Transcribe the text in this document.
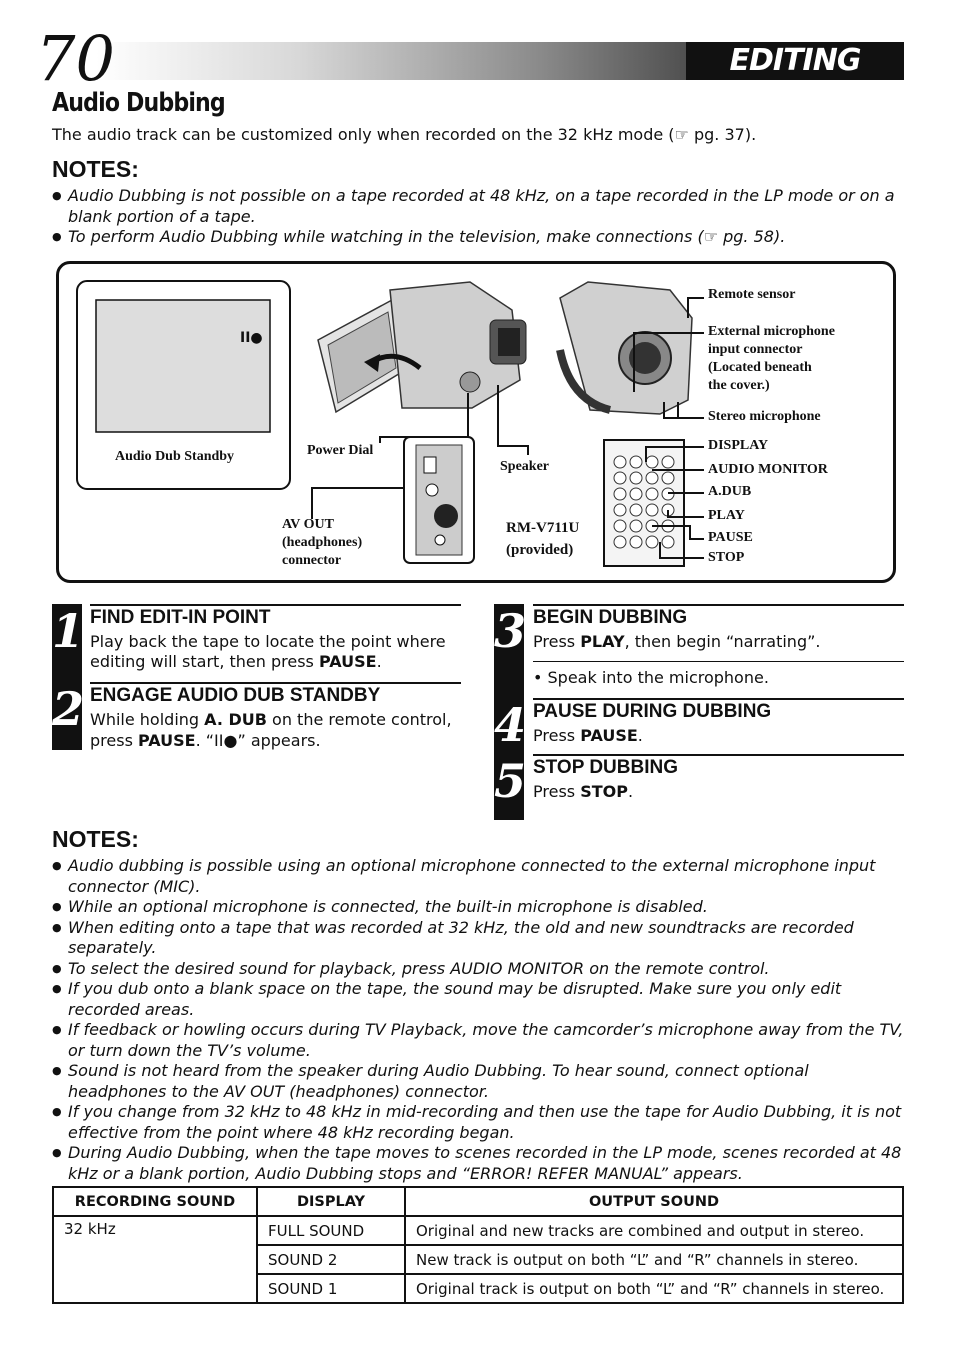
70	EDITING (Cont.)
Audio Dubbing
The audio track can be customized only when recorded on the 32 kHz mode (☞ pg. 37).
NOTES:
● Audio Dubbing is not possible on a tape recorded at 48 kHz, on a tape recorded in the LP mode or on a blank portion of a tape.
● To perform Audio Dubbing while watching in the television, make connections (☞ pg. 58).
II●
Audio Dub Standby	Power Dial
Speaker
AV OUT
(headphones)
connector
RM-V711U
(provided)
Remote sensor
External microphone
input connector
(Located beneath
the cover.)
Stereo microphone
DISPLAY
AUDIO MONITOR
A.DUB
PLAY
PAUSE
STOP
1
2
FIND EDIT-IN POINT
Play back the tape to locate the point where
editing will start, then press PAUSE.
ENGAGE AUDIO DUB STANDBY
While holding A. DUB on the remote control,
press PAUSE. “II●” appears.
3
4
5
BEGIN DUBBING
Press PLAY, then begin “narrating”.
• Speak into the microphone.
PAUSE DURING DUBBING
Press PAUSE.
STOP DUBBING
Press STOP.
NOTES:
● Audio dubbing is possible using an optional microphone connected to the external microphone input connector (MIC).
● While an optional microphone is connected, the built-in microphone is disabled.
● When editing onto a tape that was recorded at 32 kHz, the old and new soundtracks are recorded separately.
● To select the desired sound for playback, press AUDIO MONITOR on the remote control.
● If you dub onto a blank space on the tape, the sound may be disrupted. Make sure you only edit recorded areas.
● If feedback or howling occurs during TV Playback, move the camcorder’s microphone away from the TV, or turn down the TV’s volume.
● Sound is not heard from the speaker during Audio Dubbing. To hear sound, connect optional headphones to the AV OUT (headphones) connector.
● If you change from 32 kHz to 48 kHz in mid-recording and then use the tape for Audio Dubbing, it is not effective from the point where 48 kHz recording began.
● During Audio Dubbing, when the tape moves to scenes recorded in the LP mode, scenes recorded at 48 kHz or a blank portion, Audio Dubbing stops and “ERROR! REFER MANUAL” appears.
RECORDING SOUND	DISPLAY	OUTPUT SOUND
32 kHz	FULL SOUND	Original and new tracks are combined and output in stereo.
	SOUND 2	New track is output on both “L” and “R” channels in stereo.
	SOUND 1	Original track is output on both “L” and “R” channels in stereo.
